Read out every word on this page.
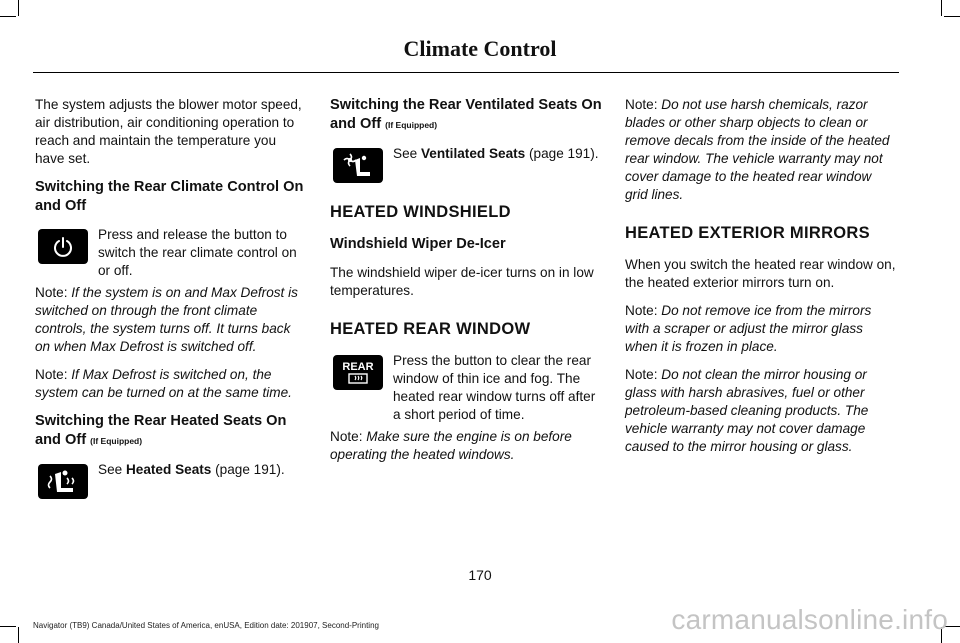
Climate Control

The system adjusts the blower motor speed, air distribution, air conditioning operation to reach and maintain the temperature you have set.

Switching the Rear Climate Control On and Off
Press and release the button to switch the rear climate control on or off.

Note: If the system is on and Max Defrost is switched on through the front climate controls, the system turns off. It turns back on when Max Defrost is switched off.

Note: If Max Defrost is switched on, the system can be turned on at the same time.

Switching the Rear Heated Seats On and Off (If Equipped)
See Heated Seats (page 191).
Switching the Rear Ventilated Seats On and Off (If Equipped)
See Ventilated Seats (page 191).
HEATED WINDSHIELD
Windshield Wiper De-Icer

The windshield wiper de-icer turns on in low temperatures.

HEATED REAR WINDOW
REAR Press the button to clear the rear window of thin ice and fog. The heated rear window turns off after a short period of time.

Note: Make sure the engine is on before operating the heated windows.

Note: Do not use harsh chemicals, razor blades or other sharp objects to clean or remove decals from the inside of the heated rear window. The vehicle warranty may not cover damage to the heated rear window grid lines.

HEATED EXTERIOR MIRRORS

When you switch the heated rear window on, the heated exterior mirrors turn on.

Note: Do not remove ice from the mirrors with a scraper or adjust the mirror glass when it is frozen in place.

Note: Do not clean the mirror housing or glass with harsh abrasives, fuel or other petroleum-based cleaning products. The vehicle warranty may not cover damage caused to the mirror housing or glass.

170
Navigator (TB9) Canada/United States of America, enUSA, Edition date: 201907, Second-Printing	carmanualsonline.info
